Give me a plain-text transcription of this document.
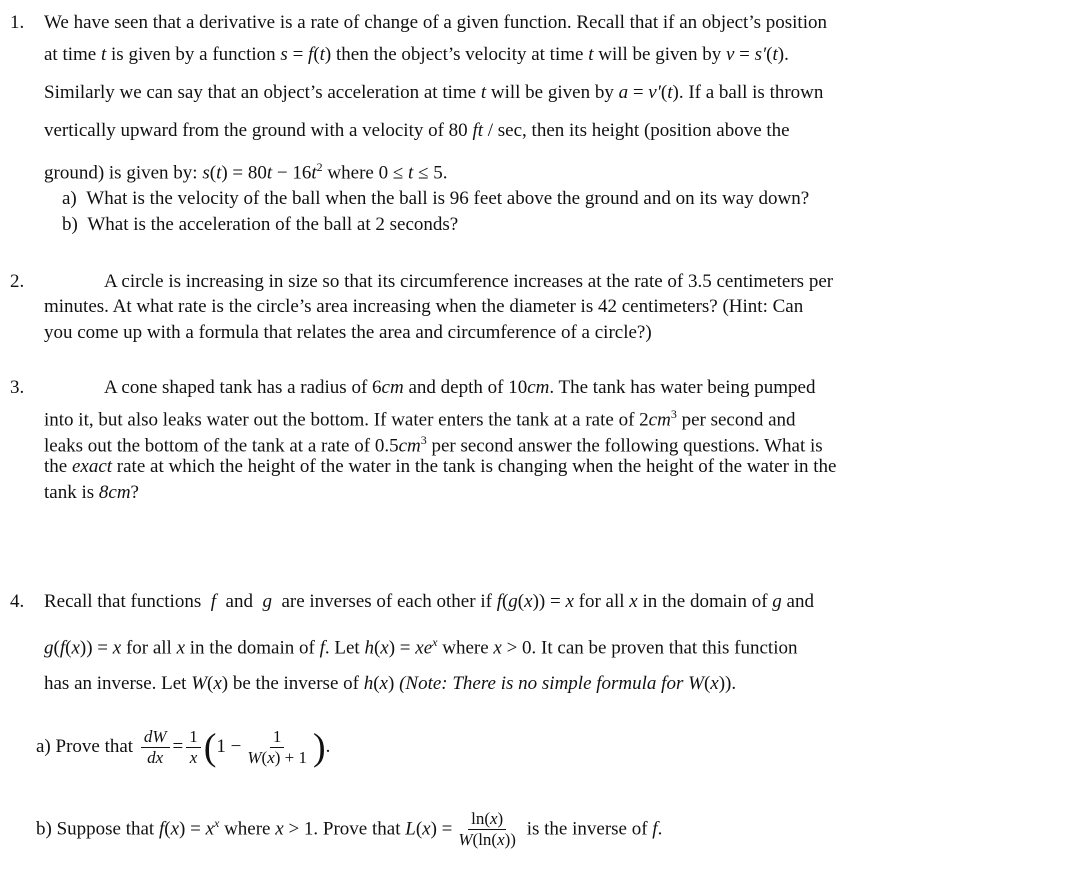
1. We have seen that a derivative is a rate of change of a given function. Recall that if an object’s position
at time t is given by a function s = f(t) then the object’s velocity at time t will be given by v = s′(t).
Similarly we can say that an object’s acceleration at time t will be given by a = v′(t). If a ball is thrown
vertically upward from the ground with a velocity of 80 ft / sec, then its height (position above the
ground) is given by: $s(t) = 80t - 16t^2$ where 0 ≤ t ≤ 5.
a) What is the velocity of the ball when the ball is 96 feet above the ground and on its way down?
b) What is the acceleration of the ball at 2 seconds?
2.	A circle is increasing in size so that its circumference increases at the rate of 3.5 centimeters per
minutes. At what rate is the circle’s area increasing when the diameter is 42 centimeters? (Hint: Can
you come up with a formula that relates the area and circumference of a circle?)
3.	A cone shaped tank has a radius of 6cm and depth of 10cm. The tank has water being pumped
into it, but also leaks water out the bottom. If water enters the tank at a rate of $2cm^3$ per second and
leaks out the bottom of the tank at a rate of $0.5cm^3$ per second answer the following questions. What is
the exact rate at which the height of the water in the tank is changing when the height of the water in the
tank is 8cm?
4. Recall that functions f and g are inverses of each other if f(g(x)) = x for all x in the domain of g and
g(f(x)) = x for all x in the domain of f. Let $h(x) = xe^x$ where x > 0. It can be proven that this function
has an inverse. Let W(x) be the inverse of h(x) (Note: There is no simple formula for W(x)).
a) Prove that $\frac{dW}{dx} = \frac{1}{x} (1 - \frac{1}{W(x) + 1}$ ).
b) Suppose that $f(x) = x^x$ where x > 1. Prove that $L(x) = \frac{\ln(x)}{W(\ln(x))}$ is the inverse of f.
